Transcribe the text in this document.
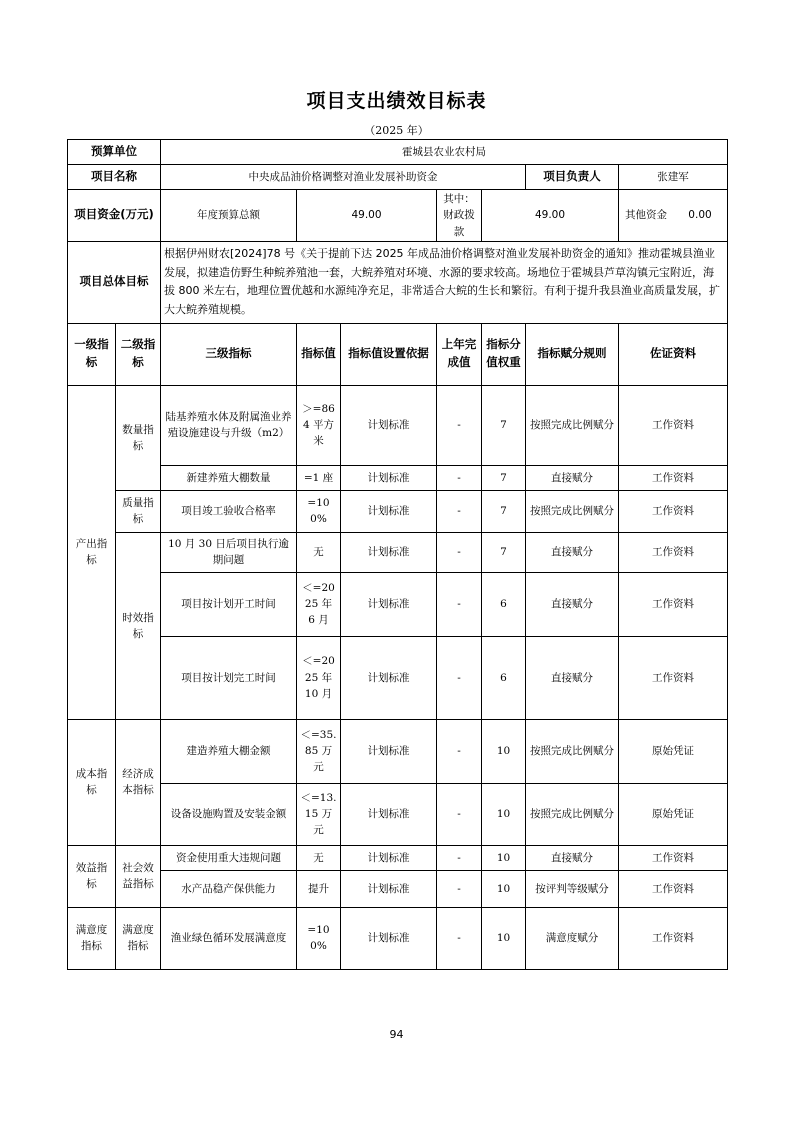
项目支出绩效目标表
（2025 年）
预算单位		霍城县农业农村局						
项目名称		中央成品油价格调整对渔业发展补助资金					项目负责人	张建军
项目资金(万元)		年度预算总额	49.00		其中：财政拨款	49.00		其他资金 0.00

项目总体目标		根据伊州财农[2024]78 号《关于提前下达 2025 年成品油价格调整对渔业发展补助资金的通知》推动霍城县渔业发展，拟建造仿野生种鲩养殖池一套，大鲩养殖对环境、水源的要求较高。场地位于霍城县芦草沟镇元宝附近，海拔 800 米左右，地理位置优越和水源纯净充足，非常适合大鲩的生长和繁衍。有利于提升我县渔业高质量发展，扩大大鲩养殖规模。						
一级指标	二级指标	三级指标	指标值	指标值设置依据	上年完成值	指标分值权重	指标赋分规则	佐证资料
产出指标	数量指标	陆基养殖水体及附属渔业养殖设施建设与升级（m2）	＞=864 平方米	计划标准	-	7	按照完成比例赋分	工作资料
		新建养殖大棚数量	=1 座	计划标准	-	7	直接赋分	工作资料
	质量指标	项目竣工验收合格率	=100%	计划标准	-	7	按照完成比例赋分	工作资料
	时效指标	10 月 30 日后项目执行逾期问题	无	计划标准	-	7	直接赋分	工作资料
		项目按计划开工时间	＜=2025 年 6 月	计划标准	-	6	直接赋分	工作资料
		项目按计划完工时间	＜=2025 年 10 月	计划标准	-	6	直接赋分	工作资料
成本指标	经济成本指标	建造养殖大棚金额	＜=35.85 万元	计划标准	-	10	按照完成比例赋分	原始凭证
		设备设施购置及安装金额	＜=13.15 万元	计划标准	-	10	按照完成比例赋分	原始凭证
效益指标	社会效益指标	资金使用重大违规问题	无	计划标准	-	10	直接赋分	工作资料
		水产品稳产保供能力	提升	计划标准	-	10	按评判等级赋分	工作资料
满意度指标	满意度指标	渔业绿色循环发展满意度	=100%	计划标准	-	10	满意度赋分	工作资料
94
